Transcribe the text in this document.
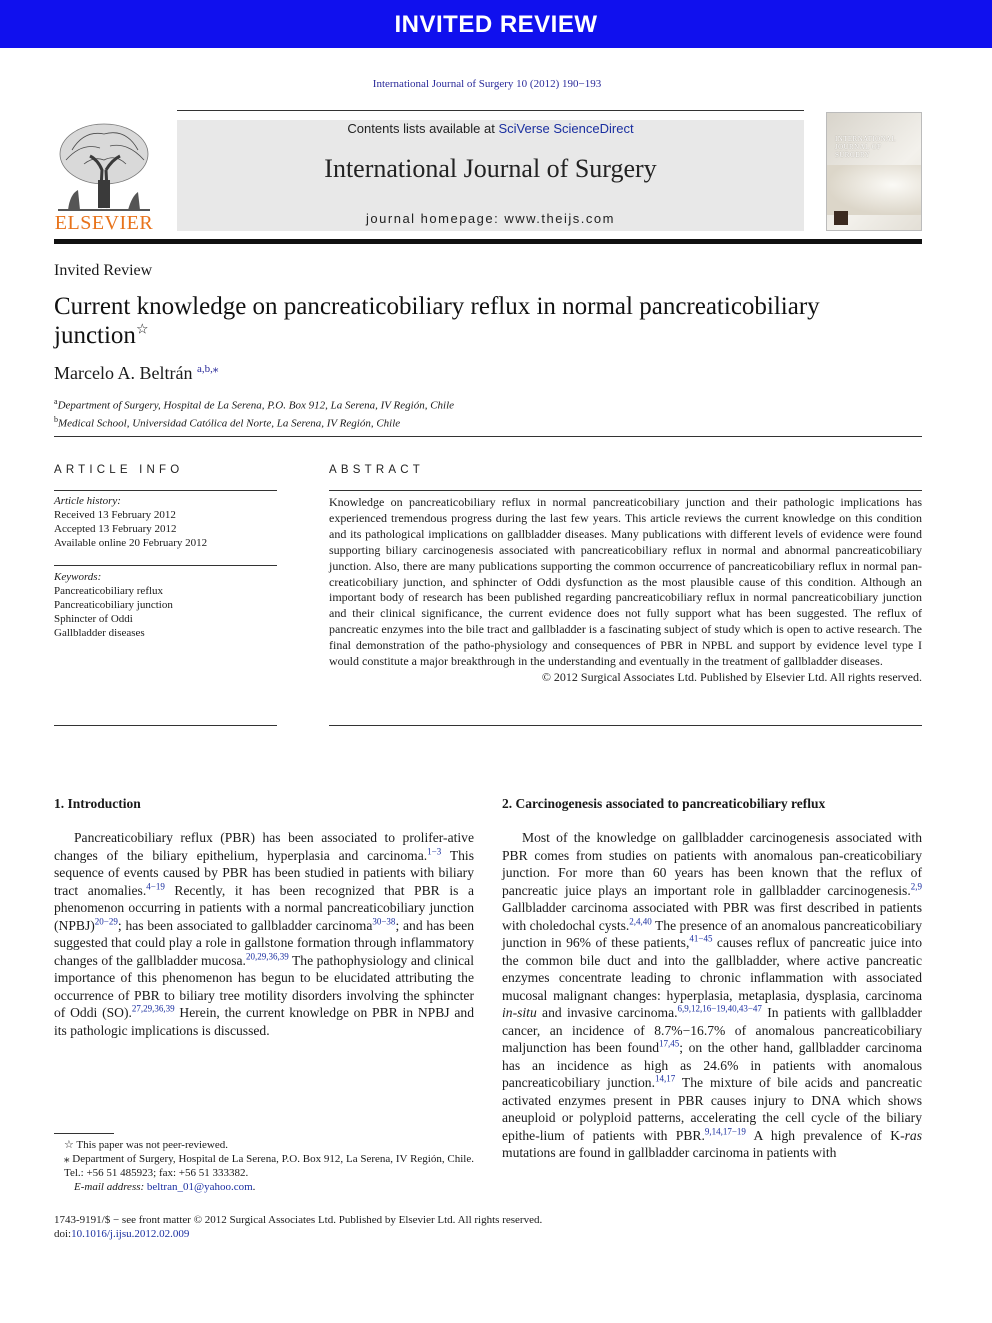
INVITED REVIEW
International Journal of Surgery 10 (2012) 190−193
ELSEVIER
Contents lists available at SciVerse ScienceDirect
International Journal of Surgery
journal homepage: www.theijs.com
INTERNATIONAL JOURNAL OF SURGERY
Invited Review
Current knowledge on pancreaticobiliary reflux in normal pancreaticobiliary junction☆
Marcelo A. Beltrán $^{a,b,⁎}$
$^a$Department of Surgery, Hospital de La Serena, P.O. Box 912, La Serena, IV Región, Chile
$^b$Medical School, Universidad Católica del Norte, La Serena, IV Región, Chile
ARTICLE INFO	ABSTRACT
Article history:
Received 13 February 2012
Accepted 13 February 2012
Available online 20 February 2012
Keywords:
Pancreaticobiliary reflux
Pancreaticobiliary junction
Sphincter of Oddi
Gallbladder diseases
Knowledge on pancreaticobiliary reflux in normal pancreaticobiliary junction and their pathologic implications has experienced tremendous progress during the last few years. This article reviews the current knowledge on this condition and its pathological implications on gallbladder diseases. Many publications with different levels of evidence were found supporting biliary carcinogenesis associated with pancreaticobiliary reflux in normal and abnormal pancreaticobiliary junction. Also, there are many publications supporting the common occurrence of pancreaticobiliary reflux in normal pan-creaticobiliary junction, and sphincter of Oddi dysfunction as the most plausible cause of this condition. Although an important body of research has been published regarding pancreaticobiliary reflux in normal pancreaticobiliary junction and their clinical significance, the current evidence does not fully support what has been suggested. The reflux of pancreatic enzymes into the bile tract and gallbladder is a fascinating subject of study which is open to active research. The final demonstration of the patho-physiology and consequences of PBR in NPBL and support by evidence level type I would constitute a major breakthrough in the understanding and eventually in the treatment of gallbladder diseases.
© 2012 Surgical Associates Ltd. Published by Elsevier Ltd. All rights reserved.
1. Introduction

Pancreaticobiliary reflux (PBR) has been associated to prolifer-ative changes of the biliary epithelium, hyperplasia and carcinoma.$^{1-3}$ This sequence of events caused by PBR has been studied in patients with biliary tract anomalies.$^{4-19}$ Recently, it has been recognized that PBR is a phenomenon occurring in patients with a normal pancreaticobiliary junction (NPBJ)$^{20-29}$; has been associated to gallbladder carcinoma$^{30-38}$; and has been suggested that could play a role in gallstone formation through inflammatory changes of the gallbladder mucosa.$^{20,29,36,39}$ The pathophysiology and clinical importance of this phenomenon has begun to be elucidated attributing the occurrence of PBR to biliary tree motility disorders involving the sphincter of Oddi (SO).$^{27,29,36,39}$ Herein, the current knowledge on PBR in NPBJ and its pathologic implications is discussed.

2. Carcinogenesis associated to pancreaticobiliary reflux

Most of the knowledge on gallbladder carcinogenesis associated with PBR comes from studies on patients with anomalous pan-creaticobiliary junction. For more than 60 years has been known that the reflux of pancreatic juice plays an important role in gallbladder carcinogenesis.$^{2,9}$ Gallbladder carcinoma associated with PBR was first described in patients with choledochal cysts.$^{2,4,40}$ The presence of an anomalous pancreaticobiliary junction in 96% of these patients,$^{41-45}$ causes reflux of pancreatic juice into the common bile duct and into the gallbladder, where active pancreatic enzymes concentrate leading to chronic inflammation with associated mucosal malignant changes: hyperplasia, metaplasia, dysplasia, carcinoma in-situ and invasive carcinoma.$^{6,9,12,16-19,40,43-47}$ In patients with gallbladder cancer, an incidence of 8.7%−16.7% of anomalous pancreaticobiliary maljunction has been found$^{17,45}$; on the other hand, gallbladder carcinoma has an incidence as high as 24.6% in patients with anomalous pancreaticobiliary junction.$^{14,17}$ The mixture of bile acids and pancreatic activated enzymes present in PBR causes injury to DNA which shows aneuploid or polyploid patterns, accelerating the cell cycle of the biliary epithe-lium of patients with PBR.$^{9,14,17-19}$ A high prevalence of K-ras mutations are found in gallbladder carcinoma in patients with

☆ This paper was not peer-reviewed.
⁎ Department of Surgery, Hospital de La Serena, P.O. Box 912, La Serena, IV Región, Chile. Tel.: +56 51 485923; fax: +56 51 333382.
E-mail address: beltran_01@yahoo.com.
1743-9191/$ − see front matter © 2012 Surgical Associates Ltd. Published by Elsevier Ltd. All rights reserved.
doi:10.1016/j.ijsu.2012.02.009
